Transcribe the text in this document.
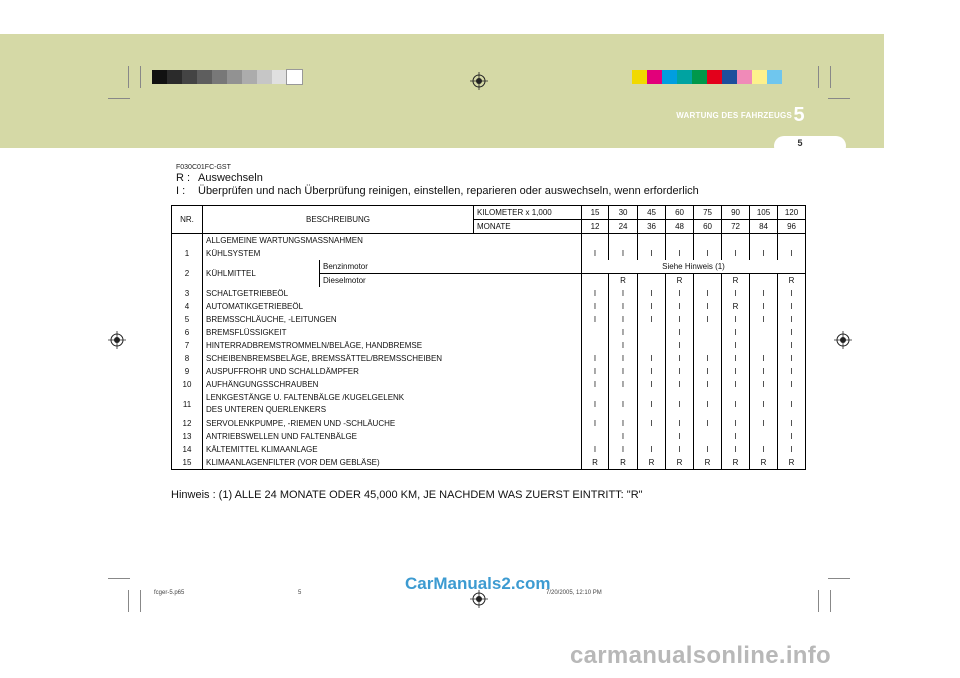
WARTUNG DES FAHRZEUGS 5
5
F030C01FC-GST
R : Auswechseln
I : Überprüfen und nach Überprüfung reinigen, einstellen, reparieren oder auswechseln, wenn erforderlich
NR.	BESCHREIBUNG		KILOMETER x 1,000	15	30	45	60	75	90	105	120
			MONATE	12	24	36	48	60	72	84	96
	ALLGEMEINE WARTUNGSMASSNAHMEN										
1	KÜHLSYSTEM			I	I	I	I	I	I	I	I
2	KÜHLMITTEL	Benzinmotor		Siehe Hinweis (1)							
		Dieselmotor			R		R		R		R
3	SCHALTGETRIEBEÖL			I	I	I	I	I	I	I	I
4	AUTOMATIKGETRIEBEÖL			I	I	I	I	I	R	I	I
5	BREMSSCHLÄUCHE, -LEITUNGEN			I	I	I	I	I	I	I	I
6	BREMSFLÜSSIGKEIT				I		I		I		I
7	HINTERRADBREMSTROMMELN/BELÄGE, HANDBREMSE				I		I		I		I
8	SCHEIBENBREMSBELÄGE, BREMSSÄTTEL/BREMSSCHEIBEN			I	I	I	I	I	I	I	I
9	AUSPUFFROHR UND SCHALLDÄMPFER			I	I	I	I	I	I	I	I
10	AUFHÄNGUNGSSCHRAUBEN			I	I	I	I	I	I	I	I
11	LENKGESTÄNGE U. FALTENBÄLGE /KUGELGELENK
DES UNTEREN QUERLENKERS			I	I	I	I	I	I	I	I
12	SERVOLENKPUMPE, -RIEMEN UND -SCHLÄUCHE			I	I	I	I	I	I	I	I
13	ANTRIEBSWELLEN UND FALTENBÄLGE				I		I		I		I
14	KÄLTEMITTEL KLIMAANLAGE			I	I	I	I	I	I	I	I
15	KLIMAANLAGENFILTER (VOR DEM GEBLÄSE)			R	R	R	R	R	R	R	R
Hinweis : (1) ALLE 24 MONATE ODER 45,000 KM, JE NACHDEM WAS ZUERST EINTRITT: "R"
fcger-5.p65	5	7/20/2005, 12:10 PM
CarManuals2.com
carmanualsonline.info
